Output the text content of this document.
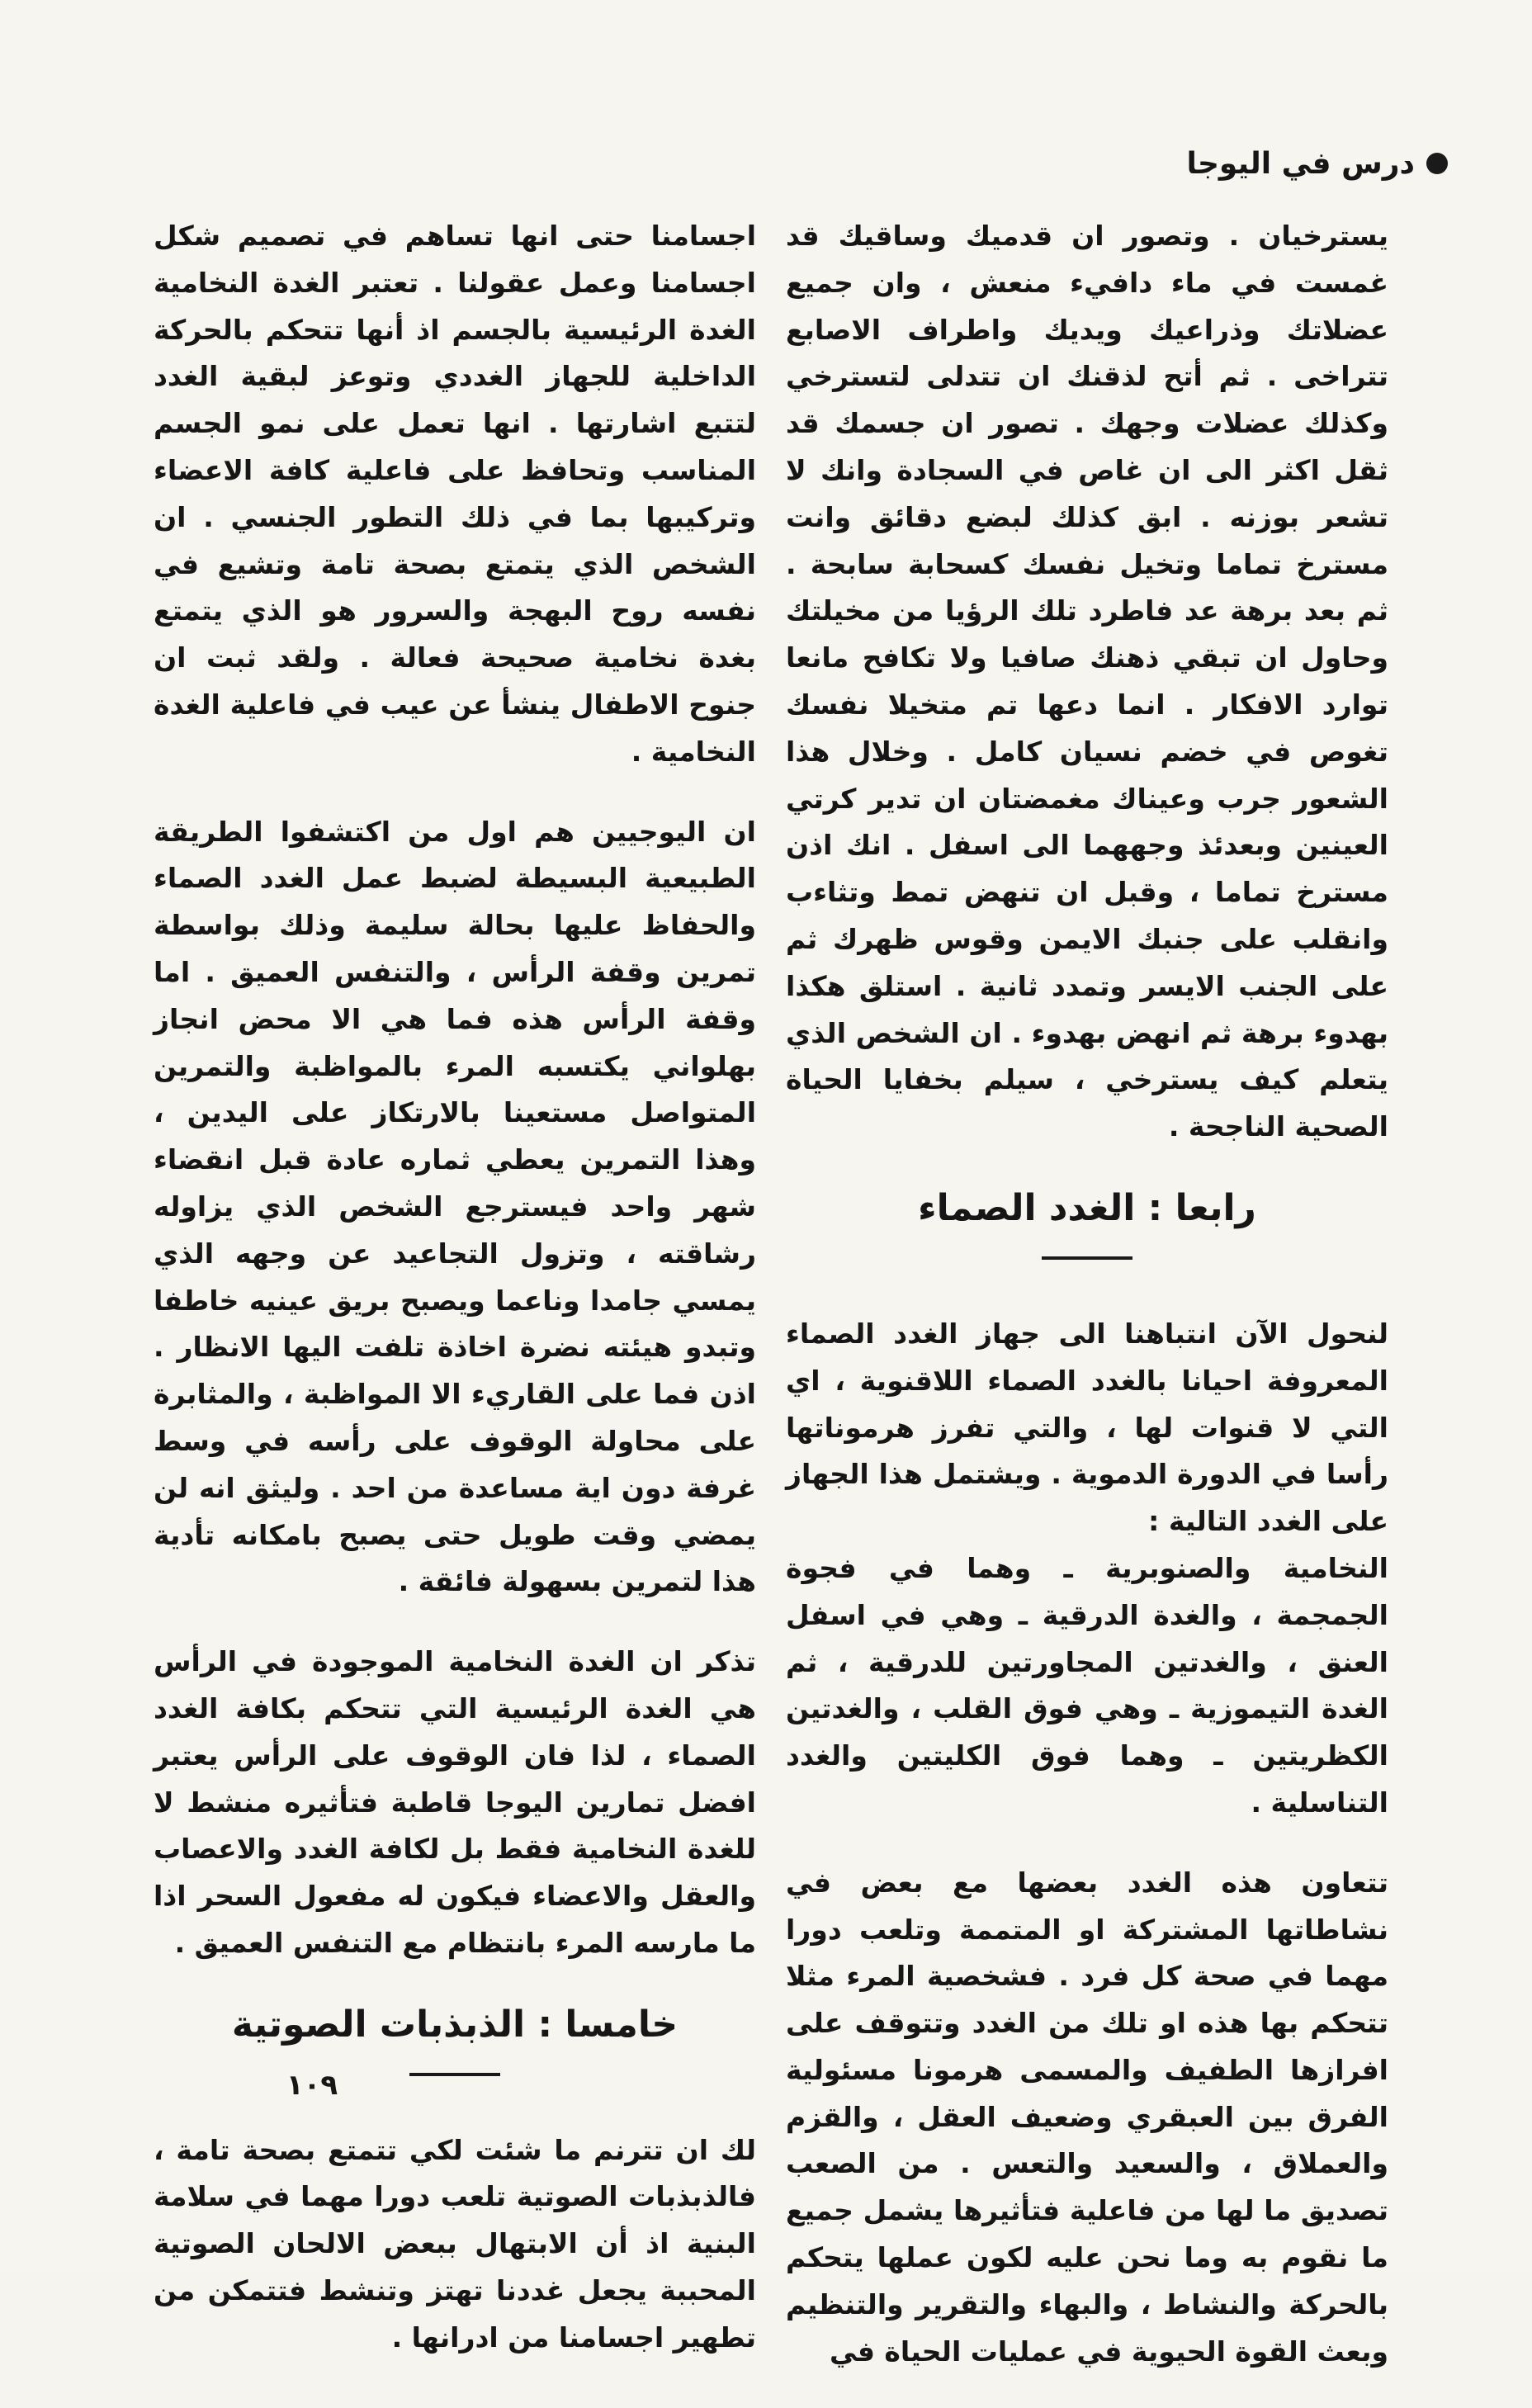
درس في اليوجا

يسترخيان . وتصور ان قدميك وساقيك قد غمست في ماء دافيء منعش ، وان جميع عضلاتك وذراعيك ويديك واطراف الاصابع تتراخى . ثم أتح لذقنك ان تتدلى لتسترخي وكذلك عضلات وجهك . تصور ان جسمك قد ثقل اكثر الى ان غاص في السجادة وانك لا تشعر بوزنه . ابق كذلك لبضع دقائق وانت مسترخ تماما وتخيل نفسك كسحابة سابحة . ثم بعد برهة عد فاطرد تلك الرؤيا من مخيلتك وحاول ان تبقي ذهنك صافيا ولا تكافح مانعا توارد الافكار . انما دعها تم متخيلا نفسك تغوص في خضم نسيان كامل . وخلال هذا الشعور جرب وعيناك مغمضتان ان تدير كرتي العينين وبعدئذ وجههما الى اسفل . انك اذن مسترخ تماما ، وقبل ان تنهض تمط وتثاءب وانقلب على جنبك الايمن وقوس ظهرك ثم على الجنب الايسر وتمدد ثانية . استلق هكذا بهدوء برهة ثم انهض بهدوء . ان الشخص الذي يتعلم كيف يسترخي ، سيلم بخفايا الحياة الصحية الناجحة .

رابعا : الغدد الصماء

لنحول الآن انتباهنا الى جهاز الغدد الصماء المعروفة احيانا بالغدد الصماء اللاقنوية ، اي التي لا قنوات لها ، والتي تفرز هرموناتها رأسا في الدورة الدموية . ويشتمل هذا الجهاز على الغدد التالية :

النخامية والصنوبرية ـ وهما في فجوة الجمجمة ، والغدة الدرقية ـ وهي في اسفل العنق ، والغدتين المجاورتين للدرقية ، ثم الغدة التيموزية ـ وهي فوق القلب ، والغدتين الكظريتين ـ وهما فوق الكليتين والغدد التناسلية .

تتعاون هذه الغدد بعضها مع بعض في نشاطاتها المشتركة او المتممة وتلعب دورا مهما في صحة كل فرد . فشخصية المرء مثلا تتحكم بها هذه او تلك من الغدد وتتوقف على افرازها الطفيف والمسمى هرمونا مسئولية الفرق بين العبقري وضعيف العقل ، والقزم والعملاق ، والسعيد والتعس . من الصعب تصديق ما لها من فاعلية فتأثيرها يشمل جميع ما نقوم به وما نحن عليه لكون عملها يتحكم بالحركة والنشاط ، والبهاء والتقرير والتنظيم وبعث القوة الحيوية في عمليات الحياة في

اجسامنا حتى انها تساهم في تصميم شكل اجسامنا وعمل عقولنا . تعتبر الغدة النخامية الغدة الرئيسية بالجسم اذ أنها تتحكم بالحركة الداخلية للجهاز الغددي وتوعز لبقية الغدد لتتبع اشارتها . انها تعمل على نمو الجسم المناسب وتحافظ على فاعلية كافة الاعضاء وتركيبها بما في ذلك التطور الجنسي . ان الشخص الذي يتمتع بصحة تامة وتشيع في نفسه روح البهجة والسرور هو الذي يتمتع بغدة نخامية صحيحة فعالة . ولقد ثبت ان جنوح الاطفال ينشأ عن عيب في فاعلية الغدة النخامية .

ان اليوجيين هم اول من اكتشفوا الطريقة الطبيعية البسيطة لضبط عمل الغدد الصماء والحفاظ عليها بحالة سليمة وذلك بواسطة تمرين وقفة الرأس ، والتنفس العميق . اما وقفة الرأس هذه فما هي الا محض انجاز بهلواني يكتسبه المرء بالمواظبة والتمرين المتواصل مستعينا بالارتكاز على اليدين ، وهذا التمرين يعطي ثماره عادة قبل انقضاء شهر واحد فيسترجع الشخص الذي يزاوله رشاقته ، وتزول التجاعيد عن وجهه الذي يمسي جامدا وناعما ويصبح بريق عينيه خاطفا وتبدو هيئته نضرة اخاذة تلفت اليها الانظار . اذن فما على القاريء الا المواظبة ، والمثابرة على محاولة الوقوف على رأسه في وسط غرفة دون اية مساعدة من احد . وليثق انه لن يمضي وقت طويل حتى يصبح بامكانه تأدية هذا لتمرين بسهولة فائقة .

تذكر ان الغدة النخامية الموجودة في الرأس هي الغدة الرئيسية التي تتحكم بكافة الغدد الصماء ، لذا فان الوقوف على الرأس يعتبر افضل تمارين اليوجا قاطبة فتأثيره منشط لا للغدة النخامية فقط بل لكافة الغدد والاعصاب والعقل والاعضاء فيكون له مفعول السحر اذا ما مارسه المرء بانتظام مع التنفس العميق .

خامسا : الذبذبات الصوتية

لك ان تترنم ما شئت لكي تتمتع بصحة تامة ، فالذبذبات الصوتية تلعب دورا مهما في سلامة البنية اذ أن الابتهال ببعض الالحان الصوتية المحببة يجعل غددنا تهتز وتنشط فتتمكن من تطهير اجسامنا من ادرانها .

١٠٩
